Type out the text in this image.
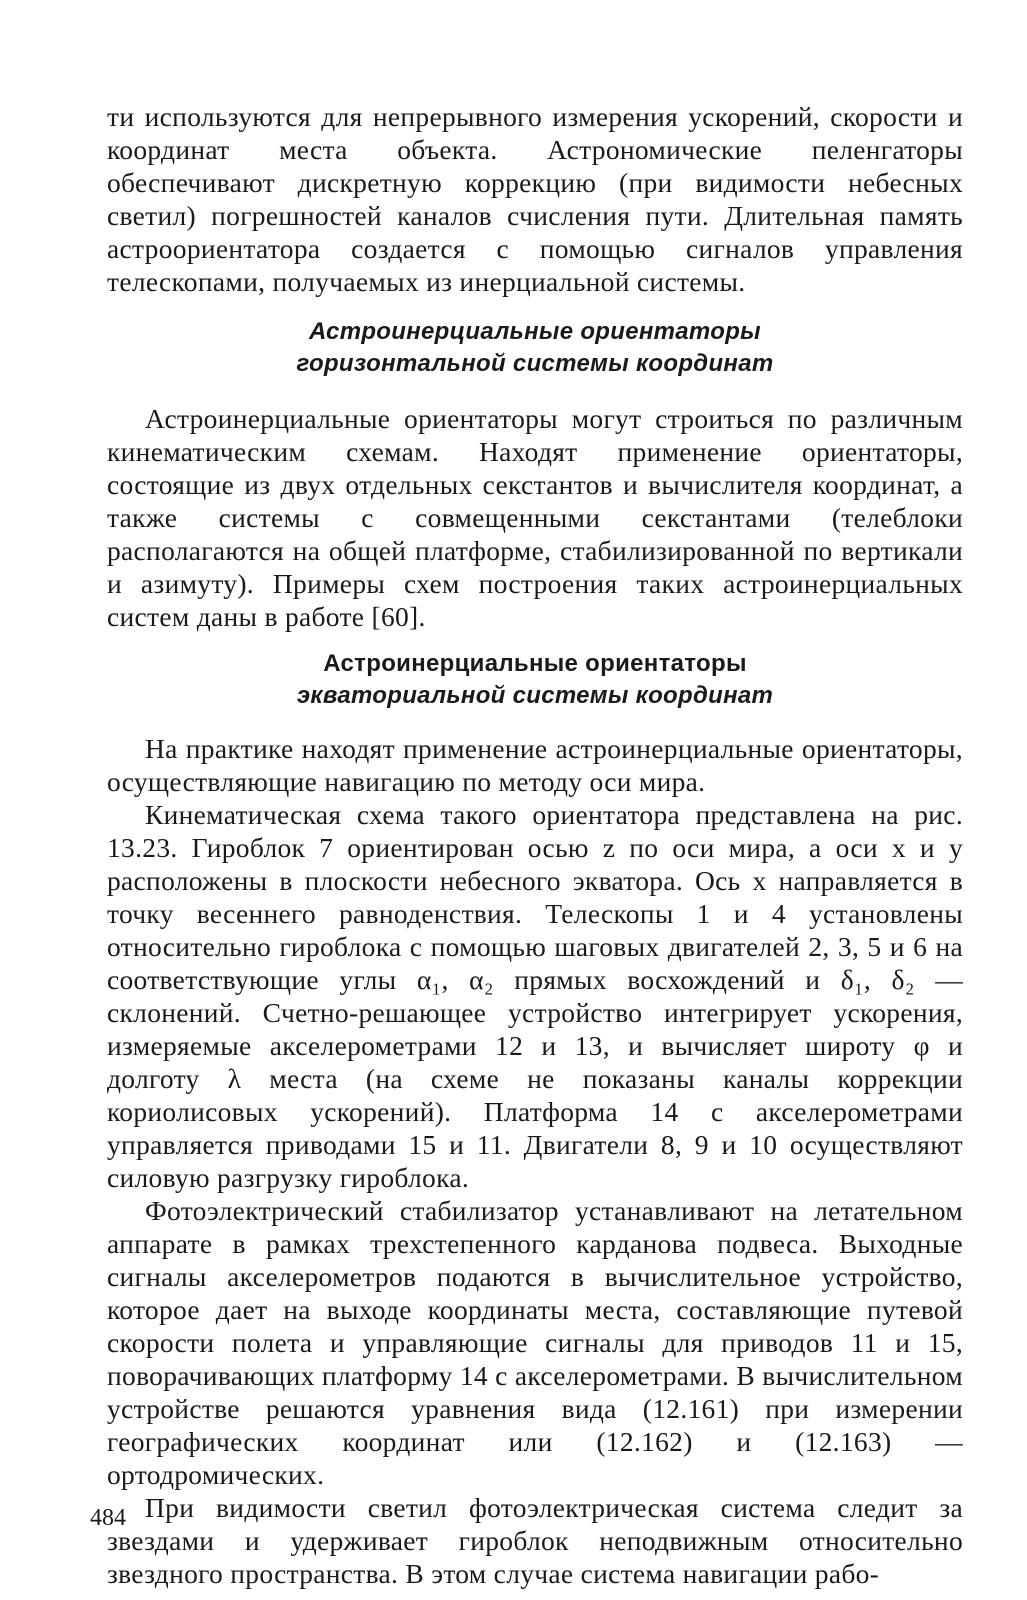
ти используются для непрерывного измерения ускорений, скорости и координат места объекта. Астрономические пеленгаторы обеспечивают дискретную коррекцию (при видимости небесных светил) погрешностей каналов счисления пути. Длительная память астроориентатора создается с помощью сигналов управления телескопами, получаемых из инерциальной системы.

Астроинерциальные ориентаторы

горизонтальной системы координат

Астроинерциальные ориентаторы могут строиться по различным кинематическим схемам. Находят применение ориентаторы, состоящие из двух отдельных секстантов и вычислителя координат, а также системы с совмещенными секстантами (телеблоки располагаются на общей платформе, стабилизированной по вертикали и азимуту). Примеры схем построения таких астроинерциальных систем даны в работе [60].

Астроинерциальные ориентаторы

экваториальной системы координат

На практике находят применение астроинерциальные ориентаторы, осуществляющие навигацию по методу оси мира.

Кинематическая схема такого ориентатора представлена на рис. 13.23. Гироблок 7 ориентирован осью z по оси мира, а оси x и y расположены в плоскости небесного экватора. Ось x направляется в точку весеннего равноденствия. Телескопы 1 и 4 установлены относительно гироблока с помощью шаговых двигателей 2, 3, 5 и 6 на соответствующие углы α₁, α₂ прямых восхождений и δ₁, δ₂ — склонений. Счетно-решающее устройство интегрирует ускорения, измеряемые акселерометрами 12 и 13, и вычисляет широту φ и долготу λ места (на схеме не показаны каналы коррекции кориолисовых ускорений). Платформа 14 с акселерометрами управляется приводами 15 и 11. Двигатели 8, 9 и 10 осуществляют силовую разгрузку гироблока.

Фотоэлектрический стабилизатор устанавливают на летательном аппарате в рамках трехстепенного карданова подвеса. Выходные сигналы акселерометров подаются в вычислительное устройство, которое дает на выходе координаты места, составляющие путевой скорости полета и управляющие сигналы для приводов 11 и 15, поворачивающих платформу 14 с акселерометрами. В вычислительном устройстве решаются уравнения вида (12.161) при измерении географических координат или (12.162) и (12.163) — ортодромических.

При видимости светил фотоэлектрическая система следит за звездами и удерживает гироблок неподвижным относительно звездного пространства. В этом случае система навигации рабо-

484
